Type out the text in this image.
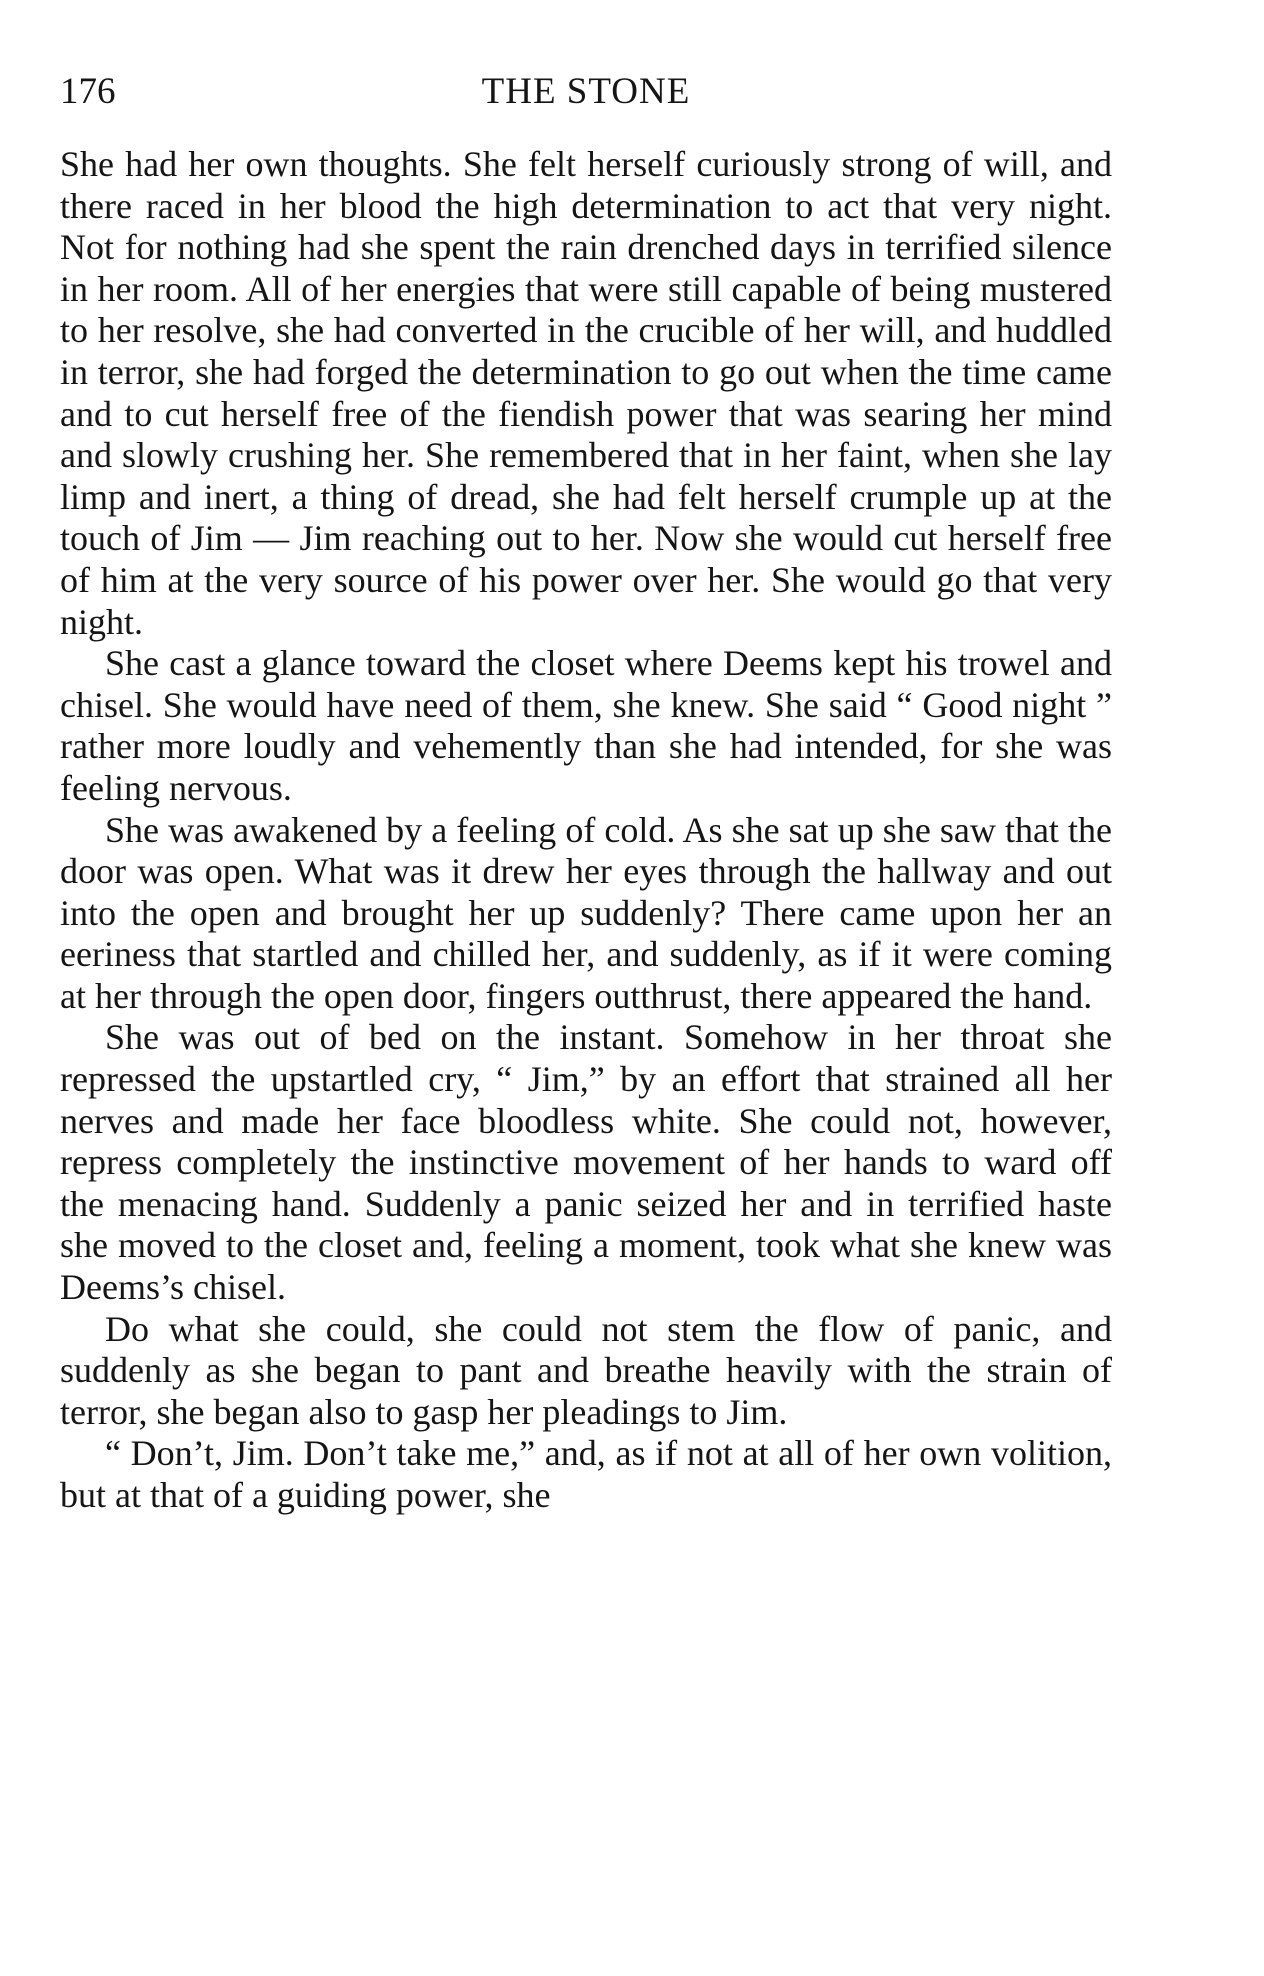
176	THE STONE

She had her own thoughts. She felt herself curiously strong of will, and there raced in her blood the high determination to act that very night. Not for nothing had she spent the rain drenched days in terrified silence in her room. All of her energies that were still capable of being mustered to her resolve, she had converted in the crucible of her will, and huddled in terror, she had forged the determination to go out when the time came and to cut herself free of the fiendish power that was searing her mind and slowly crushing her. She remembered that in her faint, when she lay limp and inert, a thing of dread, she had felt herself crumple up at the touch of Jim — Jim reaching out to her. Now she would cut herself free of him at the very source of his power over her. She would go that very night.

She cast a glance toward the closet where Deems kept his trowel and chisel. She would have need of them, she knew. She said “ Good night ” rather more loudly and vehemently than she had intended, for she was feeling nervous.

She was awakened by a feeling of cold. As she sat up she saw that the door was open. What was it drew her eyes through the hallway and out into the open and brought her up suddenly? There came upon her an eeriness that startled and chilled her, and suddenly, as if it were coming at her through the open door, fingers outthrust, there appeared the hand.

She was out of bed on the instant. Somehow in her throat she repressed the upstartled cry, “ Jim,” by an effort that strained all her nerves and made her face bloodless white. She could not, however, repress completely the instinctive movement of her hands to ward off the menacing hand. Suddenly a panic seized her and in terrified haste she moved to the closet and, feeling a moment, took what she knew was Deems’s chisel.

Do what she could, she could not stem the flow of panic, and suddenly as she began to pant and breathe heavily with the strain of terror, she began also to gasp her pleadings to Jim.

“ Don’t, Jim. Don’t take me,” and, as if not at all of her own volition, but at that of a guiding power, she
